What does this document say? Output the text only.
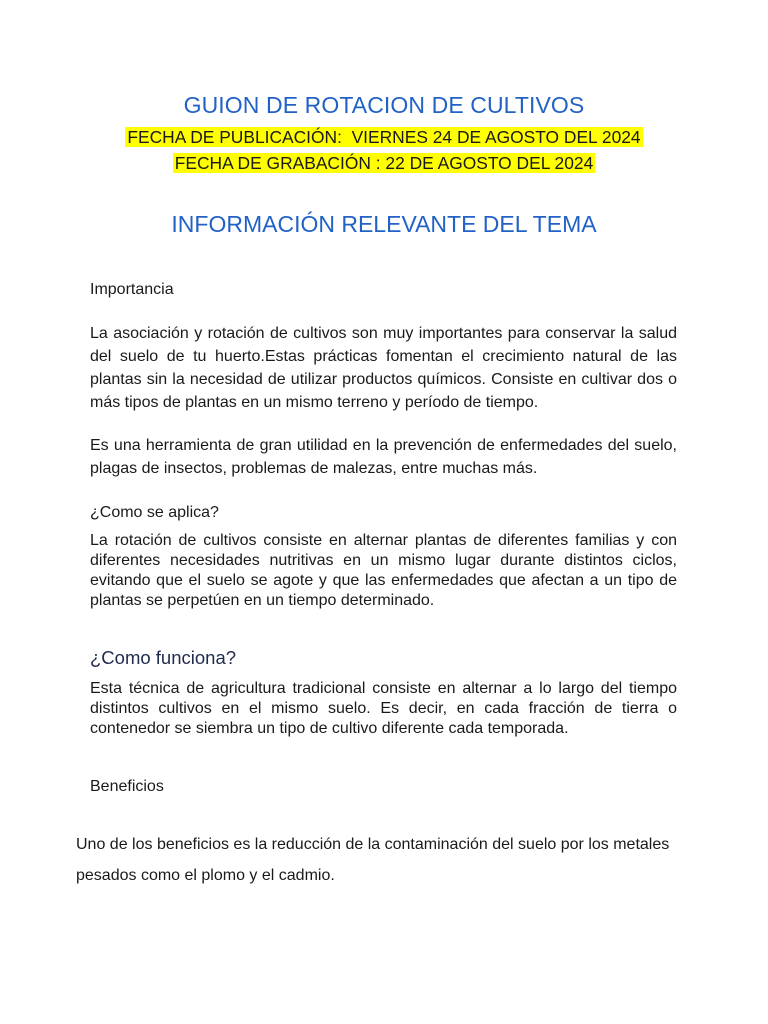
GUION DE ROTACION DE CULTIVOS
FECHA DE PUBLICACIÓN:  VIERNES 24 DE AGOSTO DEL 2024
FECHA DE GRABACIÓN : 22 DE AGOSTO DEL 2024
INFORMACIÓN RELEVANTE DEL TEMA
Importancia
La asociación y rotación de cultivos son muy importantes para conservar la salud del suelo de tu huerto.Estas prácticas fomentan el crecimiento natural de las plantas sin la necesidad de utilizar productos químicos. Consiste en cultivar dos o más tipos de plantas en un mismo terreno y período de tiempo.
Es una herramienta de gran utilidad en la prevención de enfermedades del suelo, plagas de insectos, problemas de malezas, entre muchas más.
¿Como se aplica?
La rotación de cultivos consiste en alternar plantas de diferentes familias y con diferentes necesidades nutritivas en un mismo lugar durante distintos ciclos, evitando que el suelo se agote y que las enfermedades que afectan a un tipo de plantas se perpetúen en un tiempo determinado.
¿Como funciona?
Esta técnica de agricultura tradicional consiste en alternar a lo largo del tiempo distintos cultivos en el mismo suelo. Es decir, en cada fracción de tierra o contenedor se siembra un tipo de cultivo diferente cada temporada.
Beneficios
Uno de los beneficios es la reducción de la contaminación del suelo por los metales pesados como el plomo y el cadmio.
